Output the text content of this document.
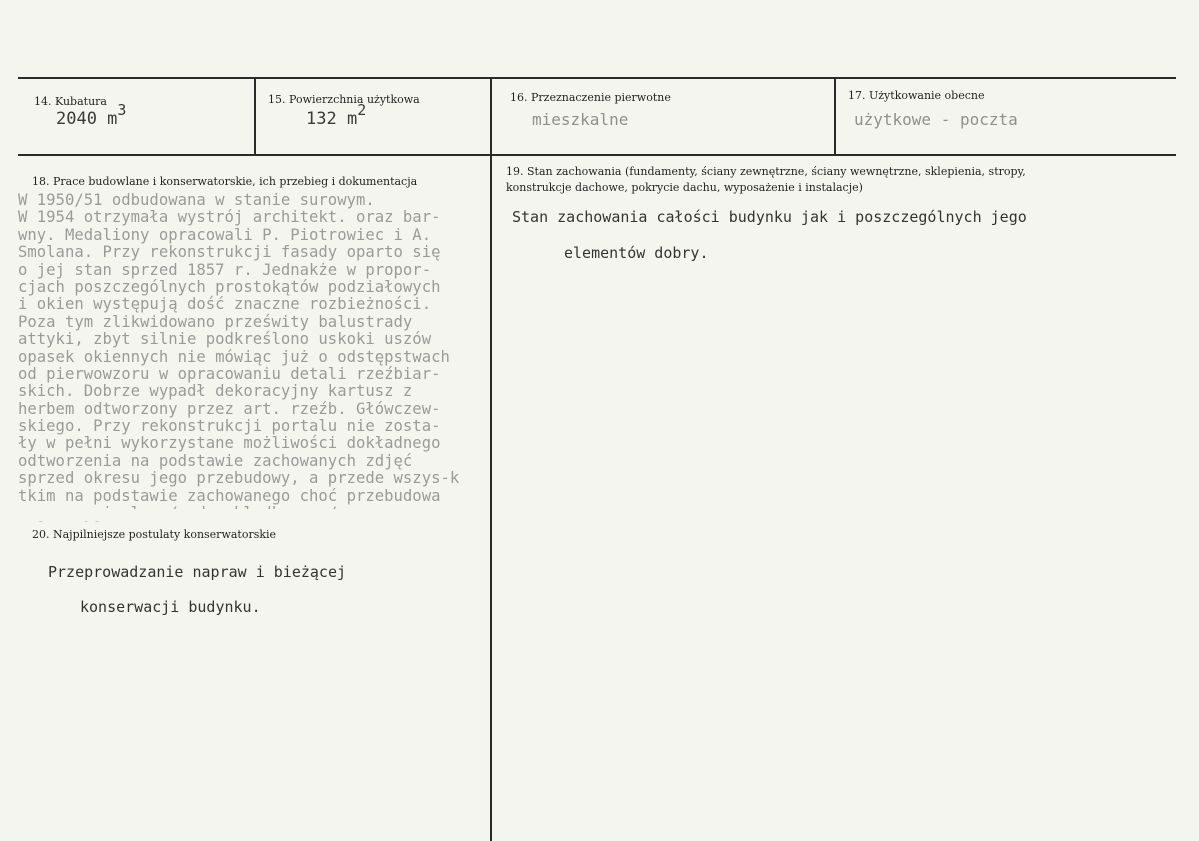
14. Kubatura
2040 m3
15. Powierzchnia użytkowa
132 m2
16. Przeznaczenie pierwotne
mieszkalne
17. Użytkowanie obecne
użytkowe - poczta
18. Prace budowlane i konserwatorskie, ich przebieg i dokumentacja
W 1950/51 odbudowana w stanie surowym.
W 1954 otrzymała wystrój architekt. oraz bar-
wny. Medaliony opracowali P. Piotrowiec i A.
Smolana. Przy rekonstrukcji fasady oparto się
o jej stan sprzed 1857 r. Jednakże w propor-
cjach poszczególnych prostokątów podziałowych
i okien występują dość znaczne rozbieżności.
Poza tym zlikwidowano prześwity balustrady
attyki, zbyt silnie podkreślono uskoki uszów
opasek okiennych nie mówiąc już o odstępstwach
od pierwowzoru w opracowaniu detali rzeźbiar-
skich. Dobrze wypadł dekoracyjny kartusz z
herbem odtworzony przez art. rzeźb. Główczew-
skiego. Przy rekonstrukcji portalu nie zosta-
ły w pełni wykorzystane możliwości dokładnego
odtworzenia na podstawie zachowanych zdjęć
sprzed okresu jego przebudowy, a przede wszys-k
tkim na podstawie zachowanego choć przebudowa
19. Stan zachowania (fundamenty, ściany zewnętrzne, ściany wewnętrzne, sklepienia, stropy,
konstrukcje dachowe, pokrycie dachu, wyposażenie i instalacje)
Stan zachowania całości budynku jak i poszczególnych jego
elementów dobry.
20. Najpilniejsze postulaty konserwatorskie
Przeprowadzanie napraw i bieżącej
konserwacji budynku.
